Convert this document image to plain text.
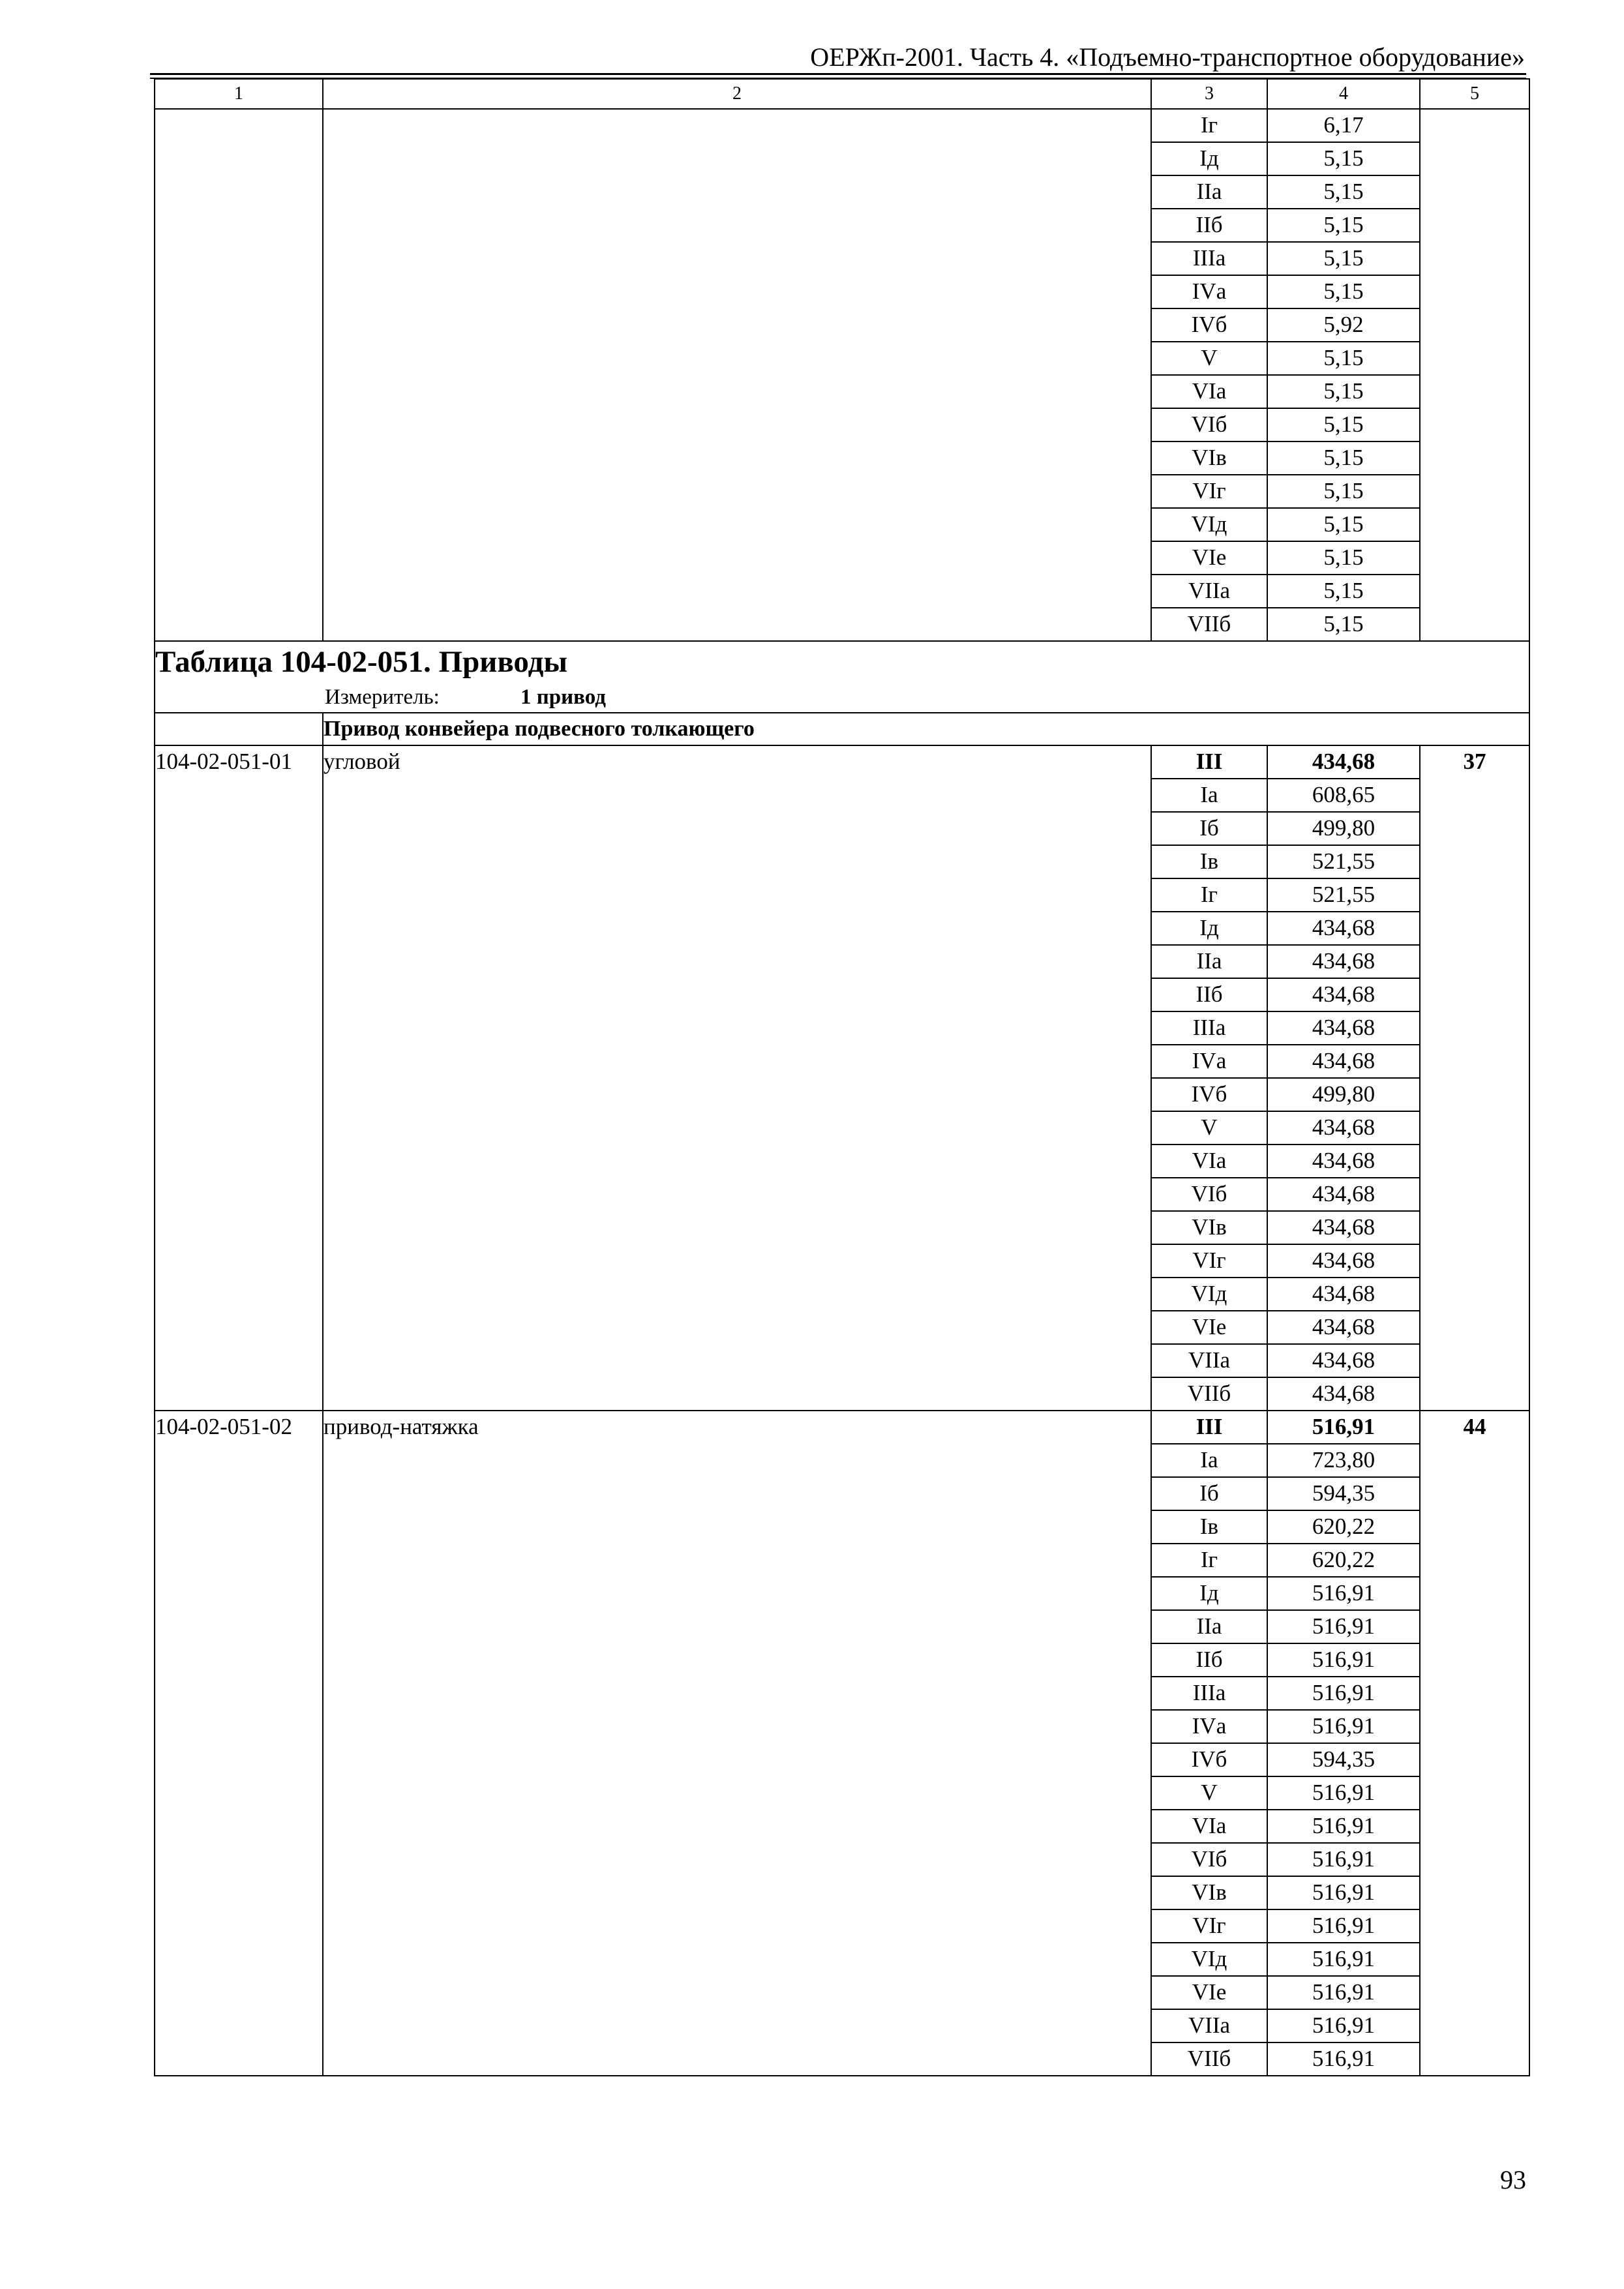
ОЕРЖп-2001. Часть 4. «Подъемно-транспортное оборудование»
1	2	3	4	5
		Iг	6,17	
		Iд	5,15	
		IIа	5,15	
		IIб	5,15	
		IIIа	5,15	
		IVа	5,15	
		IVб	5,92	
		V	5,15	
		VIа	5,15	
		VIб	5,15	
		VIв	5,15	
		VIг	5,15	
		VIд	5,15	
		VIе	5,15	
		VIIа	5,15	
		VIIб	5,15	

Таблица 104-02-051. Приводы
Измеритель: 1 привод				

	Привод конвейера подвесного толкающего			
104-02-051-01	угловой	III	434,68	37
		Iа	608,65	
		Iб	499,80	
		Iв	521,55	
		Iг	521,55	
		Iд	434,68	
		IIа	434,68	
		IIб	434,68	
		IIIа	434,68	
		IVа	434,68	
		IVб	499,80	
		V	434,68	
		VIа	434,68	
		VIб	434,68	
		VIв	434,68	
		VIг	434,68	
		VIд	434,68	
		VIе	434,68	
		VIIа	434,68	
		VIIб	434,68	
104-02-051-02	привод-натяжка	III	516,91	44
		Iа	723,80	
		Iб	594,35	
		Iв	620,22	
		Iг	620,22	
		Iд	516,91	
		IIа	516,91	
		IIб	516,91	
		IIIа	516,91	
		IVа	516,91	
		IVб	594,35	
		V	516,91	
		VIа	516,91	
		VIб	516,91	
		VIв	516,91	
		VIг	516,91	
		VIд	516,91	
		VIе	516,91	
		VIIа	516,91	
		VIIб	516,91	
93
